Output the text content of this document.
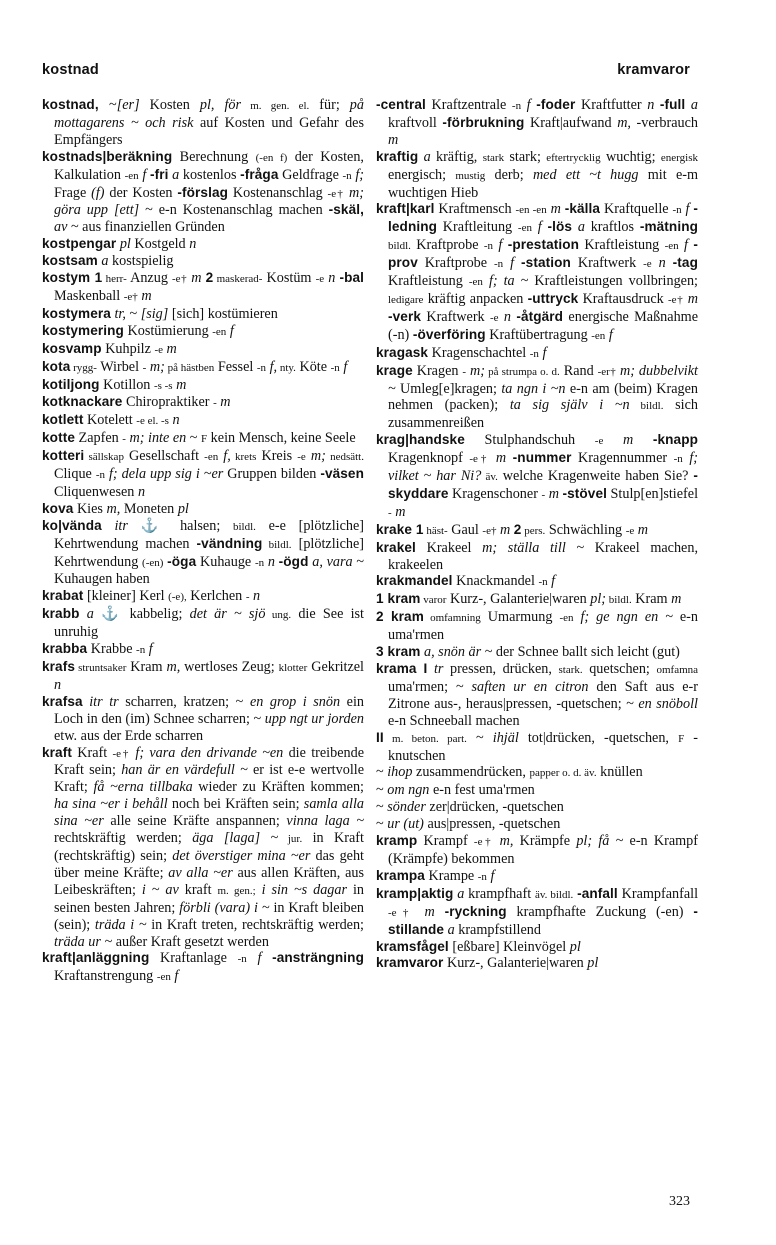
kostnad	kramvaror

kostnad, ~[er] Kosten pl, för m. gen. el. für; på mottagarens ~ och risk auf Kosten und Gefahr des Empfängers

kostnads|beräkning Berechnung (-en f) der Kosten, Kalkulation -en f -fri a kostenlos -fråga Geldfrage -n f; Frage (f) der Kosten -förslag Kostenanschlag -e† m; göra upp [ett] ~ e-n Kostenanschlag machen -skäl, av ~ aus finanziellen Gründen

kostpengar pl Kostgeld n

kostsam a kostspielig

kostym 1 herr- Anzug -e† m 2 maskerad- Kostüm -e n -bal Maskenball -e† m

kostymera tr, ~ [sig] [sich] kostümieren

kostymering Kostümierung -en f

kosvamp Kuhpilz -e m

kota rygg- Wirbel - m; på hästben Fessel -n f, nty. Köte -n f

kotiljong Kotillon -s -s m

kotknackare Chiropraktiker - m

kotlett Kotelett -e el. -s n

kotte Zapfen - m; inte en ~ F kein Mensch, keine Seele

kotteri sällskap Gesellschaft -en f, krets Kreis -e m; nedsätt. Clique -n f; dela upp sig i ~er Gruppen bilden -väsen Cliquenwesen n

kova Kies m, Moneten pl

ko|vända itr ⚓ halsen; bildl. e-e [plötzliche] Kehrtwendung machen -vändning bildl. [plötzliche] Kehrtwendung (-en) -öga Kuhauge -n n -ögd a, vara ~ Kuhaugen haben

krabat [kleiner] Kerl (-e), Kerlchen - n

krabb a ⚓ kabbelig; det är ~ sjö ung. die See ist unruhig

krabba Krabbe -n f

krafs struntsaker Kram m, wertloses Zeug; klotter Gekritzel n

krafsa itr tr scharren, kratzen; ~ en grop i snön ein Loch in den (im) Schnee scharren; ~ upp ngt ur jorden etw. aus der Erde scharren

kraft Kraft -e† f; vara den drivande ~en die treibende Kraft sein; han är en värdefull ~ er ist e-e wertvolle Kraft; få ~erna tillbaka wieder zu Kräften kommen; ha sina ~er i behåll noch bei Kräften sein; samla alla sina ~er alle seine Kräfte anspannen; vinna laga ~ rechtskräftig werden; äga [laga] ~ jur. in Kraft (rechtskräftig) sein; det överstiger mina ~er das geht über meine Kräfte; av alla ~er aus allen Kräften, aus Leibeskräften; i ~ av kraft m. gen.; i sin ~s dagar in seinen besten Jahren; förbli (vara) i ~ in Kraft bleiben (sein); träda i ~ in Kraft treten, rechtskräftig werden; träda ur ~ außer Kraft gesetzt werden

kraft|anläggning Kraftanlage -n f -ansträngning Kraftanstrengung -en f

-central Kraftzentrale -n f -foder Kraftfutter n -full a kraftvoll -förbrukning Kraft|aufwand m, -verbrauch m

kraftig a kräftig, stark stark; eftertrycklig wuchtig; energisk energisch; mustig derb; med ett ~t hugg mit e-m wuchtigen Hieb

kraft|karl Kraftmensch -en -en m -källa Kraftquelle -n f -ledning Kraftleitung -en f -lös a kraftlos -mätning bildl. Kraftprobe -n f -prestation Kraftleistung -en f -prov Kraftprobe -n f -station Kraftwerk -e n -tag Kraftleistung -en f; ta ~ Kraftleistungen vollbringen; ledigare kräftig anpacken -uttryck Kraftausdruck -e† m -verk Kraftwerk -e n -åtgärd energische Maßnahme (-n) -överföring Kraftübertragung -en f

kragask Kragenschachtel -n f

krage Kragen - m; på strumpa o. d. Rand -er† m; dubbelvikt ~ Umleg[e]kragen; ta ngn i ~n e-n am (beim) Kragen nehmen (packen); ta sig själv i ~n bildl. sich zusammenreißen

krag|handske Stulphandschuh -e m -knapp Kragenknopf -e† m -nummer Kragennummer -n f; vilket ~ har Ni? äv. welche Kragenweite haben Sie? -skyddare Kragenschoner - m -stövel Stulp[en]stiefel - m

krake 1 häst- Gaul -e† m 2 pers. Schwächling -e m

krakel Krakeel m; ställa till ~ Krakeel machen, krakeelen

krakmandel Knackmandel -n f

1 kram varor Kurz-, Galanterie|waren pl; bildl. Kram m

2 kram omfamning Umarmung -en f; ge ngn en ~ e-n uma'rmen

3 kram a, snön är ~ der Schnee ballt sich leicht (gut)

krama I tr pressen, drücken, stark. quetschen; omfamna uma'rmen; ~ saften ur en citron den Saft aus e-r Zitrone aus-, heraus|pressen, -quetschen; ~ en snöboll e-n Schneeball machen

II m. beton. part. ~ ihjäl tot|drücken, -quetschen, F -knutschen

~ ihop zusammendrücken, papper o. d. äv. knüllen

~ om ngn e-n fest uma'rmen

~ sönder zer|drücken, -quetschen

~ ur (ut) aus|pressen, -quetschen

kramp Krampf -e† m, Krämpfe pl; få ~ e-n Krampf (Krämpfe) bekommen

krampa Krampe -n f

kramp|aktig a krampfhaft äv. bildl. -anfall Krampfanfall -e† m -ryckning krampfhafte Zuckung (-en) -stillande a krampfstillend

kramsfågel [eßbare] Kleinvögel pl

kramvaror Kurz-, Galanterie|waren pl

323
